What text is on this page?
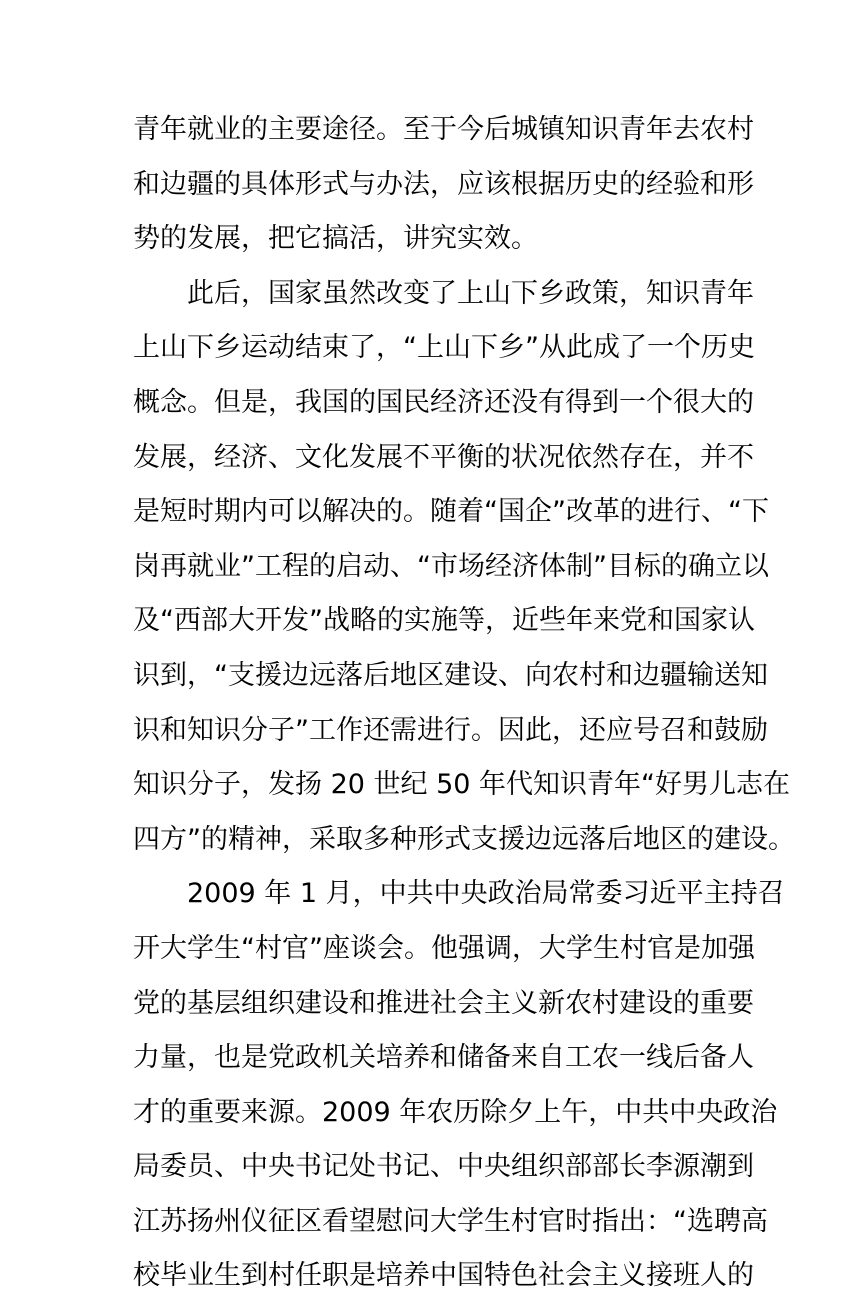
青年就业的主要途径。至于今后城镇知识青年去农村
和边疆的具体形式与办法，应该根据历史的经验和形
势的发展，把它搞活，讲究实效。
此后，国家虽然改变了上山下乡政策，知识青年
上山下乡运动结束了，“上山下乡”从此成了一个历史
概念。但是，我国的国民经济还没有得到一个很大的
发展，经济、文化发展不平衡的状况依然存在，并不
是短时期内可以解决的。随着“国企”改革的进行、“下
岗再就业”工程的启动、“市场经济体制”目标的确立以
及“西部大开发”战略的实施等，近些年来党和国家认
识到，“支援边远落后地区建设、向农村和边疆输送知
识和知识分子”工作还需进行。因此，还应号召和鼓励
知识分子，发扬 20 世纪 50 年代知识青年“好男儿志在
四方”的精神，采取多种形式支援边远落后地区的建设。
2009 年 1 月，中共中央政治局常委习近平主持召
开大学生“村官”座谈会。他强调，大学生村官是加强
党的基层组织建设和推进社会主义新农村建设的重要
力量，也是党政机关培养和储备来自工农一线后备人
才的重要来源。2009 年农历除夕上午，中共中央政治
局委员、中央书记处书记、中央组织部部长李源潮到
江苏扬州仪征区看望慰问大学生村官时指出：“选聘高
校毕业生到村任职是培养中国特色社会主义接班人的
